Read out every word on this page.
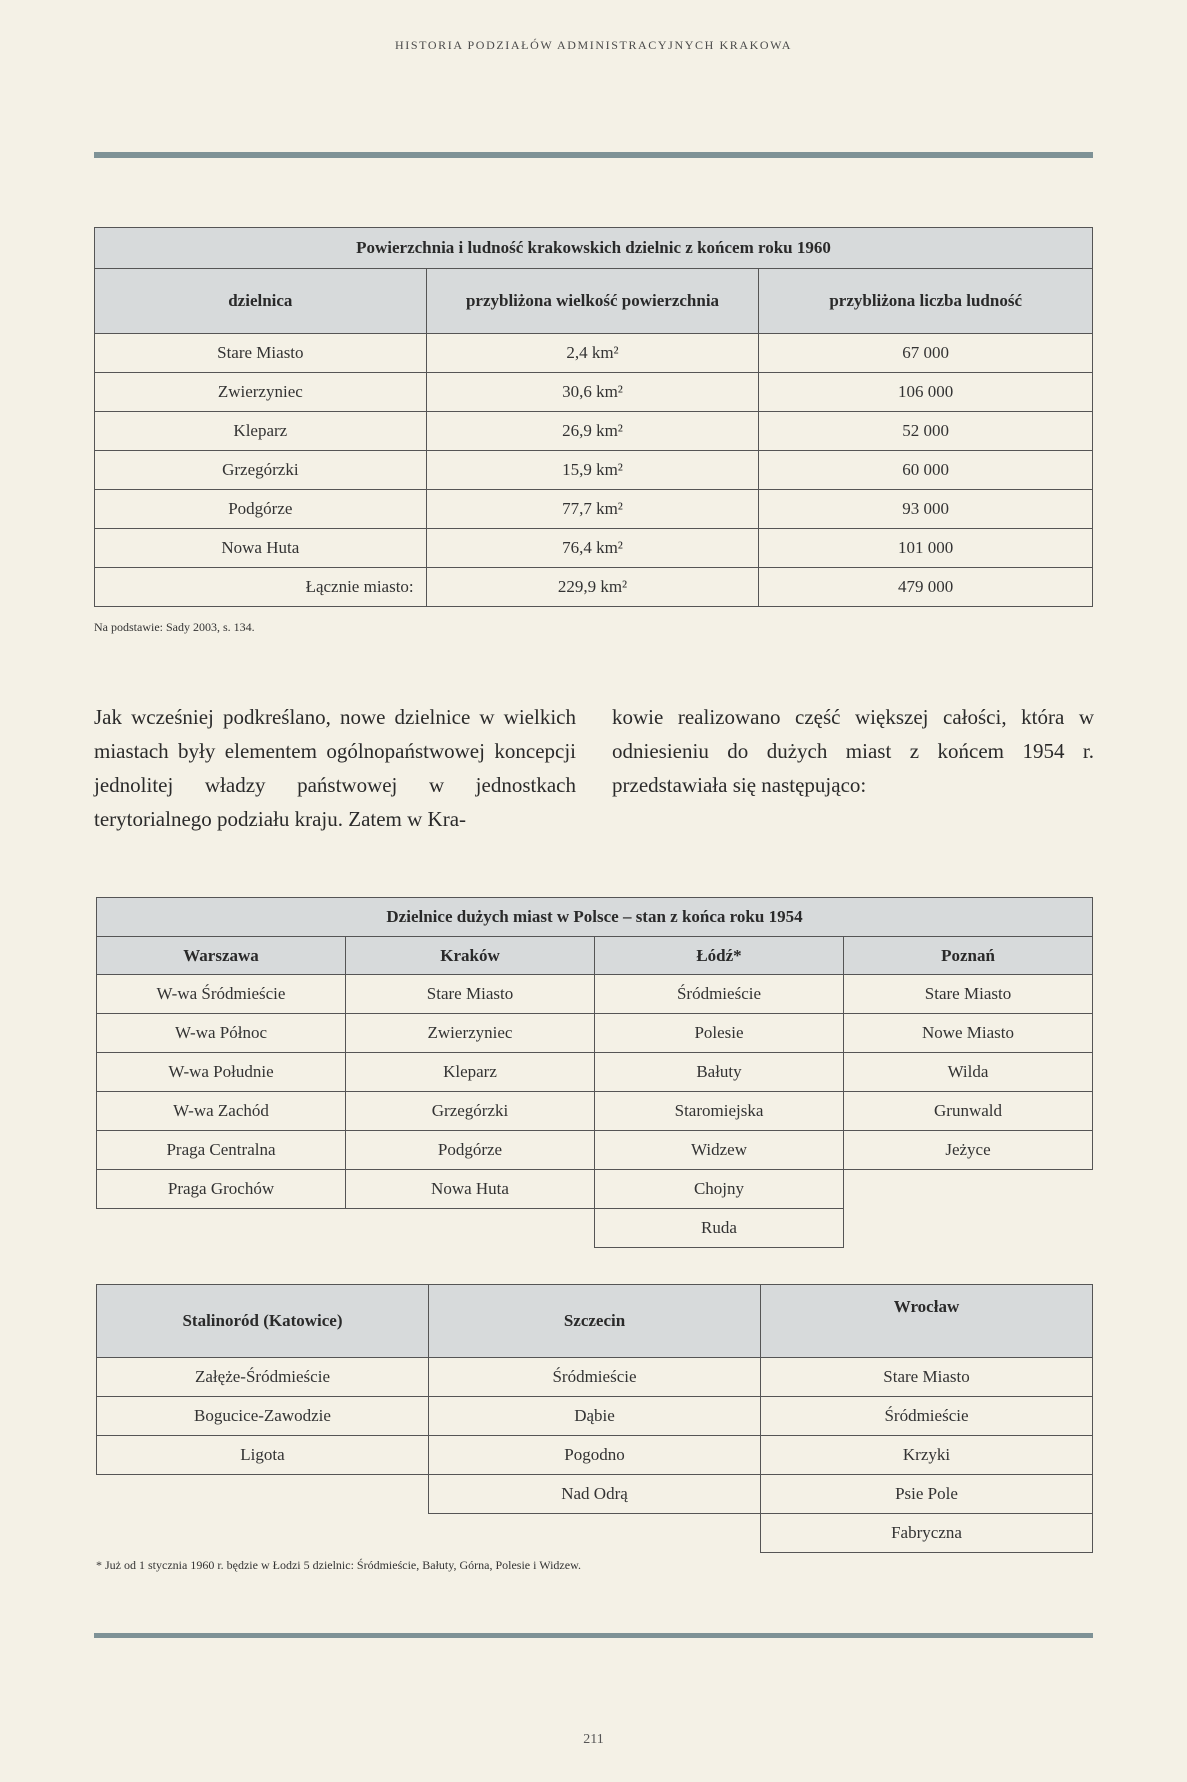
HISTORIA PODZIAŁÓW ADMINISTRACYJNYCH KRAKOWA
Powierzchnia i ludność krakowskich dzielnic z końcem roku 1960		
dzielnica	przybliżona wielkość powierzchnia	przybliżona liczba ludność
Stare Miasto	2,4 km²	67 000
Zwierzyniec	30,6 km²	106 000
Kleparz	26,9 km²	52 000
Grzegórzki	15,9 km²	60 000
Podgórze	77,7 km²	93 000
Nowa Huta	76,4 km²	101 000
Łącznie miasto:	229,9 km²	479 000
Na podstawie: Sady 2003, s. 134.
Jak wcześniej podkreślano, nowe dzielnice w wielkich miastach były elementem ogólnopaństwowej koncepcji jednolitej władzy państwowej w jednostkach terytorialnego podziału kraju. Zatem w Kra-
kowie realizowano część większej całości, która w odniesieniu do dużych miast z końcem 1954 r. przedstawiała się następująco:
Dzielnice dużych miast w Polsce – stan z końca roku 1954			
Warszawa	Kraków	Łódź*	Poznań
W-wa Śródmieście	Stare Miasto	Śródmieście	Stare Miasto
W-wa Północ	Zwierzyniec	Polesie	Nowe Miasto
W-wa Południe	Kleparz	Bałuty	Wilda
W-wa Zachód	Grzegórzki	Staromiejska	Grunwald
Praga Centralna	Podgórze	Widzew	Jeżyce
Praga Grochów	Nowa Huta	Chojny	
		Ruda	
Stalinoród (Katowice)	Szczecin	Wrocław
Załęże-Śródmieście	Śródmieście	Stare Miasto
Bogucice-Zawodzie	Dąbie	Śródmieście
Ligota	Pogodno	Krzyki
	Nad Odrą	Psie Pole
		Fabryczna
* Już od 1 stycznia 1960 r. będzie w Łodzi 5 dzielnic: Śródmieście, Bałuty, Górna, Polesie i Widzew.
211
